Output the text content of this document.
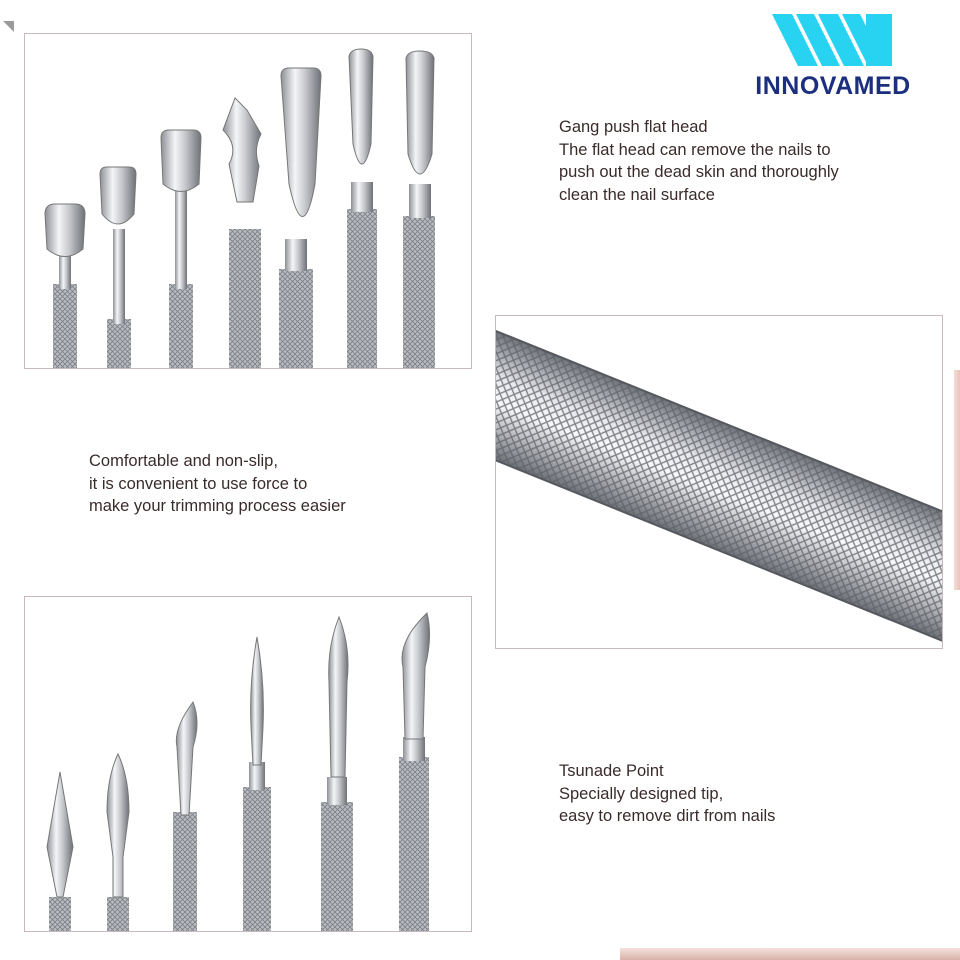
INNOVAMED
Gang push flat head
The flat head can remove the nails to
push out the dead skin and thoroughly
clean the nail surface
Comfortable and non-slip,
it is convenient to use force to
make your trimming process easier
Tsunade Point
Specially designed tip,
easy to remove dirt from nails
